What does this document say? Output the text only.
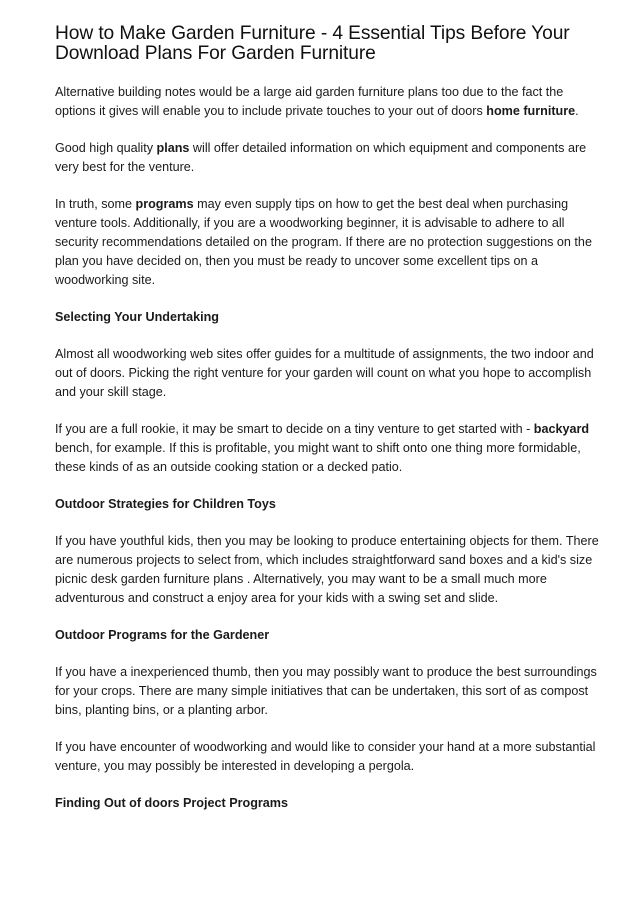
How to Make Garden Furniture - 4 Essential Tips Before Your Download Plans For Garden Furniture

Alternative building notes would be a large aid garden furniture plans too due to the fact the options it gives will enable you to include private touches to your out of doors home furniture.

Good high quality plans will offer detailed information on which equipment and components are very best for the venture.

In truth, some programs may even supply tips on how to get the best deal when purchasing venture tools. Additionally, if you are a woodworking beginner, it is advisable to adhere to all security recommendations detailed on the program. If there are no protection suggestions on the plan you have decided on, then you must be ready to uncover some excellent tips on a woodworking site.

Selecting Your Undertaking

Almost all woodworking web sites offer guides for a multitude of assignments, the two indoor and out of doors. Picking the right venture for your garden will count on what you hope to accomplish and your skill stage.

If you are a full rookie, it may be smart to decide on a tiny venture to get started with - backyard bench, for example. If this is profitable, you might want to shift onto one thing more formidable, these kinds of as an outside cooking station or a decked patio.

Outdoor Strategies for Children Toys

If you have youthful kids, then you may be looking to produce entertaining objects for them. There are numerous projects to select from, which includes straightforward sand boxes and a kid's size picnic desk garden furniture plans . Alternatively, you may want to be a small much more adventurous and construct a enjoy area for your kids with a swing set and slide.

Outdoor Programs for the Gardener

If you have a inexperienced thumb, then you may possibly want to produce the best surroundings for your crops. There are many simple initiatives that can be undertaken, this sort of as compost bins, planting bins, or a planting arbor.

If you have encounter of woodworking and would like to consider your hand at a more substantial venture, you may possibly be interested in developing a pergola.

Finding Out of doors Project Programs
